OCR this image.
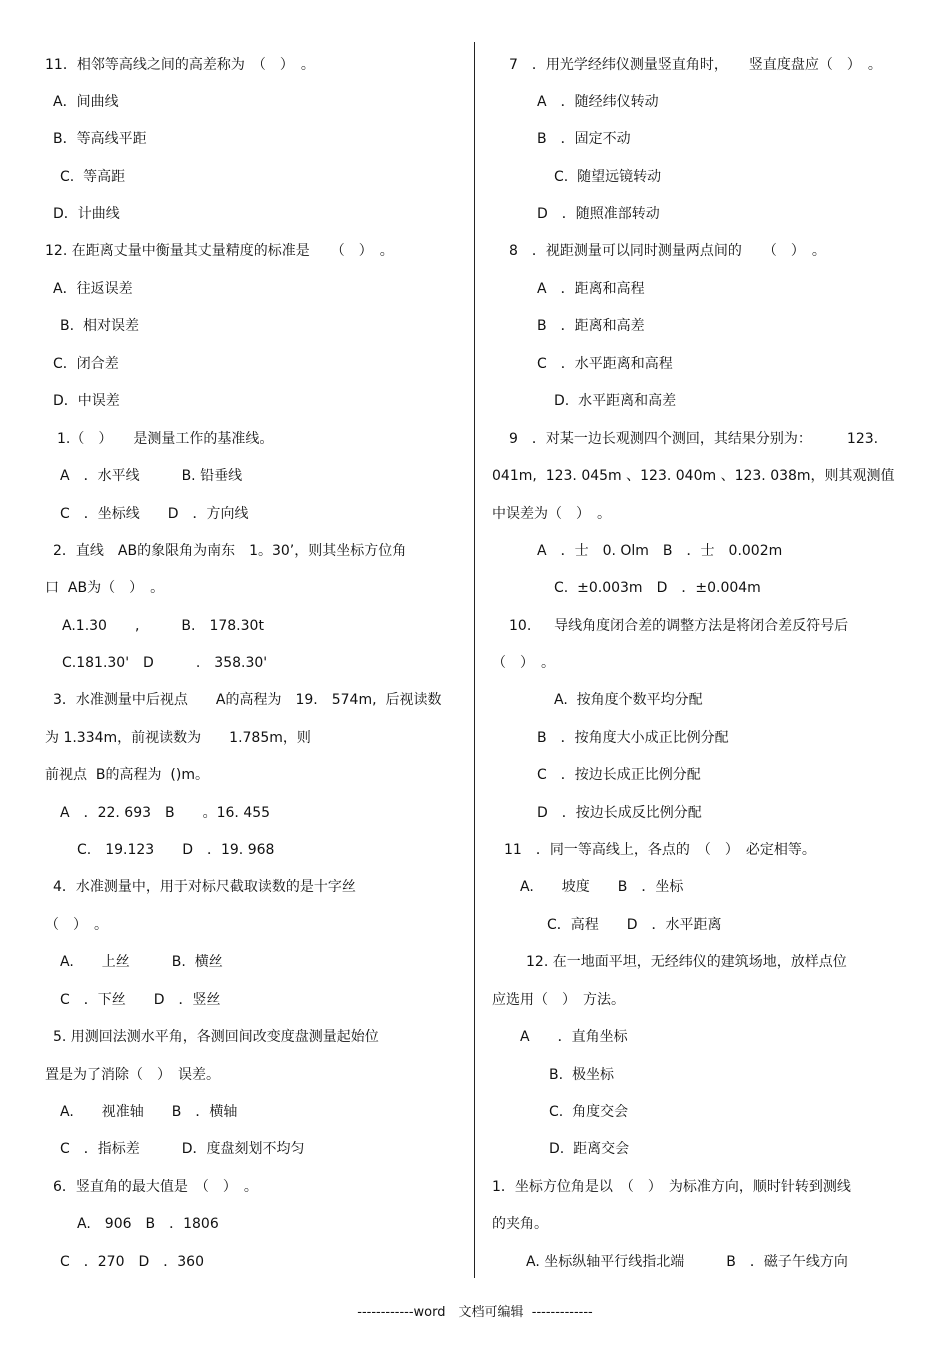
11．相邻等高线之间的高差称为　（　）　。
A．间曲线
B．等高线平距
C.  等高距
D．计曲线
12. 在距离丈量中衡量其丈量精度的标准是　　（　）　。
A．往返误差
B.  相对误差
C．闭合差
D．中误差
1.（　）　　是测量工作的基准线。
A　．水平线　　　B. 铅垂线
C　．坐标线　　D　．方向线
2．直线　AB的象限角为南东　1。30’，则其坐标方位角
口  AB为（　）　。
A.1.30　　,　　　B.　178.30t
C.181.30'　D　　　.　358.30'
3．水准测量中后视点　　A的高程为　19.　574m,  后视读数
为 1.334m，前视读数为　　1.785m，则
前视点  B的高程为  ()m。
A　．22. 693　B　　。16. 455
C.　19.123　　D　．19. 968
4．水准测量中，用于对标尺截取读数的是十字丝
（　）　。
A.　　上丝　　　B.  横丝
C　．下丝　　D　．竖丝
5. 用测回法测水平角，各测回间改变度盘测量起始位
置是为了消除（　）　误差。
A.　　视准轴　　B　．横轴
C　．指标差　　　D．度盘刻划不均匀
6．竖直角的最大值是　（　）　。
A.　906　B　．1806
C　．270　D　．360
7　．用光学经纬仪测量竖直角时，　　竖直度盘应（　）　。
A　．随经纬仪转动
B　．固定不动
C.  随望远镜转动
D　．随照准部转动
8　．视距测量可以同时测量两点间的　　（　）　。
A　．距离和高程
B　．距离和高差
C　．水平距离和高程
D.  水平距离和高差
9　．对某一边长观测四个测回，其结果分别为：　　　123.
041m,  123. 045m 、123. 040m 、123. 038m，则其观测值
中误差为（　）　。
A　．士　0. Olm　B　．士　0.002m
C.  ±0.003m　D　．±0.004m
10.　  导线角度闭合差的调整方法是将闭合差反符号后
（　）　。
A.  按角度个数平均分配
B　．按角度大小成正比例分配
C　．按边长成正比例分配
D　．按边长成反比例分配
11　．同一等高线上，各点的　（　）　必定相等。
A.　　坡度　　B　．坐标
C．高程　　D　．水平距离
12. 在一地面平坦，无经纬仪的建筑场地，放样点位
应选用（　）　方法。
A　　．直角坐标
B.  极坐标
C.  角度交会
D.  距离交会
1．坐标方位角是以　（　）　为标准方向，顺时针转到测线
的夹角。
A. 坐标纵轴平行线指北端　　　B　．磁子午线方向
------------word　文档可编辑  -------------
